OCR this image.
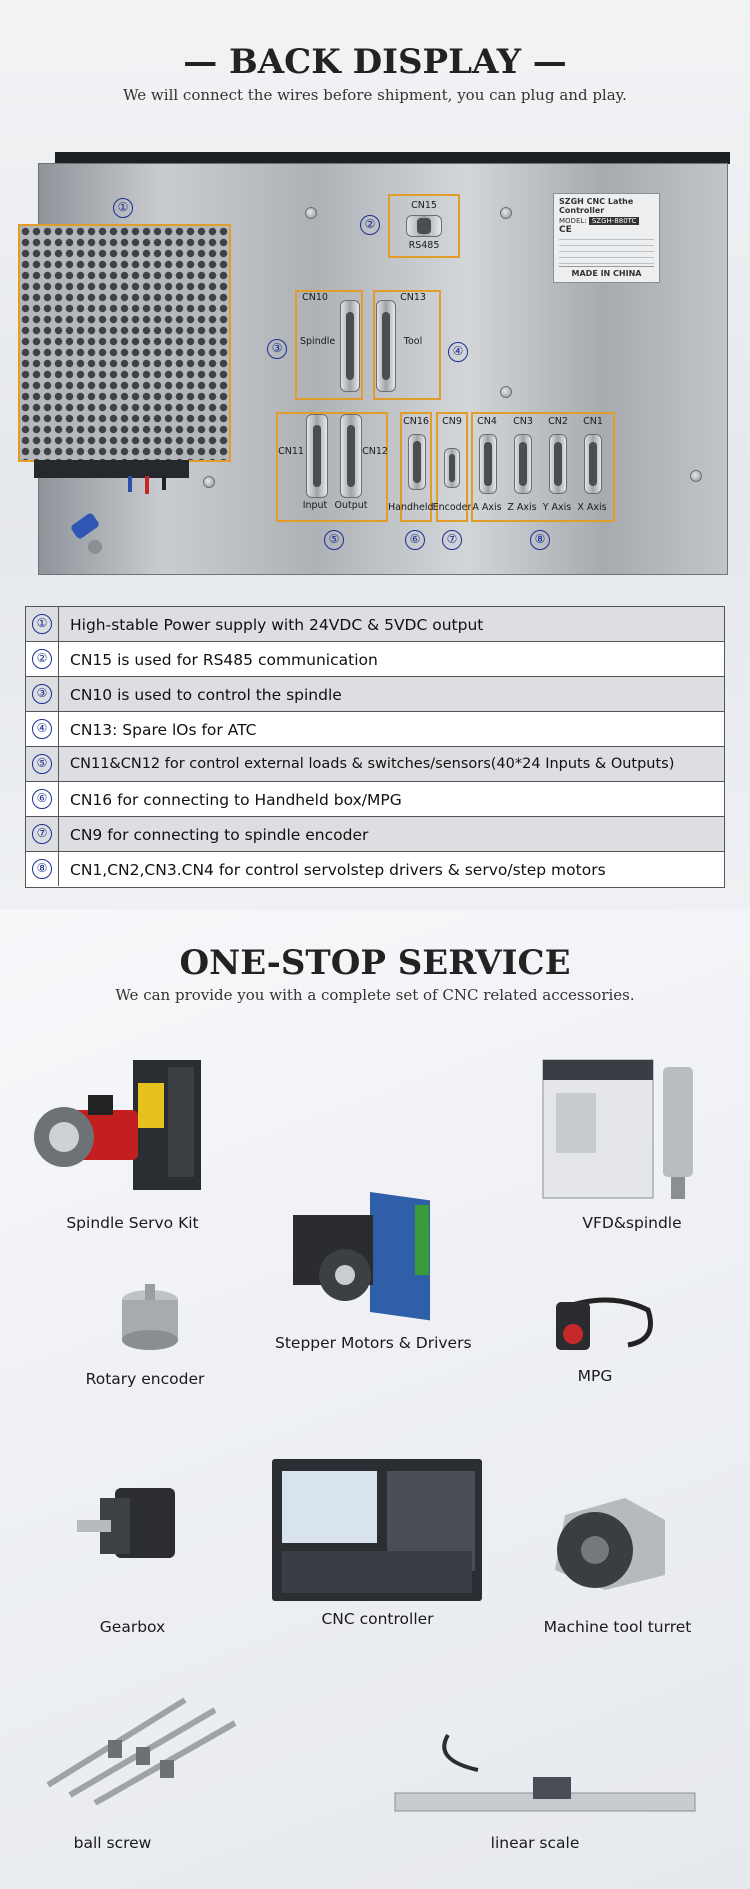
— BACK DISPLAY —
We will connect the wires before shipment, you can plug and play.
SZGH CNC Lathe Controller
MODEL: SZGH-880TC CE
MADE IN CHINA
CN15
RS485
CN10
Spindle
CN13
Tool
CN11	CN12
Input Output
CN16
Handheld
CN9
Encoder
CN4	CN3	CN2	CN1
A Axis Z Axis Y Axis X Axis
①
②
③	④
⑤	⑥	⑦	⑧
① High-stable Power supply with 24VDC & 5VDC output
② CN15 is used for RS485 communication
③ CN10 is used to control the spindle
④ CN13: Spare lOs for ATC
⑤	CN11&CN12 for control external loads & switches/sensors(40*24 Inputs & Outputs)
⑥ CN16 for connecting to Handheld box/MPG
⑦ CN9 for connecting to spindle encoder
⑧ CN1,CN2,CN3.CN4 for control servolstep drivers & servo/step motors
ONE-STOP SERVICE
We can provide you with a complete set of CNC related accessories.
Spindle Servo Kit	VFD&spindle
Stepper Motors & Drivers
Rotary encoder	MPG
Gearbox	CNC controller	Machine tool turret
ball screw	linear scale
